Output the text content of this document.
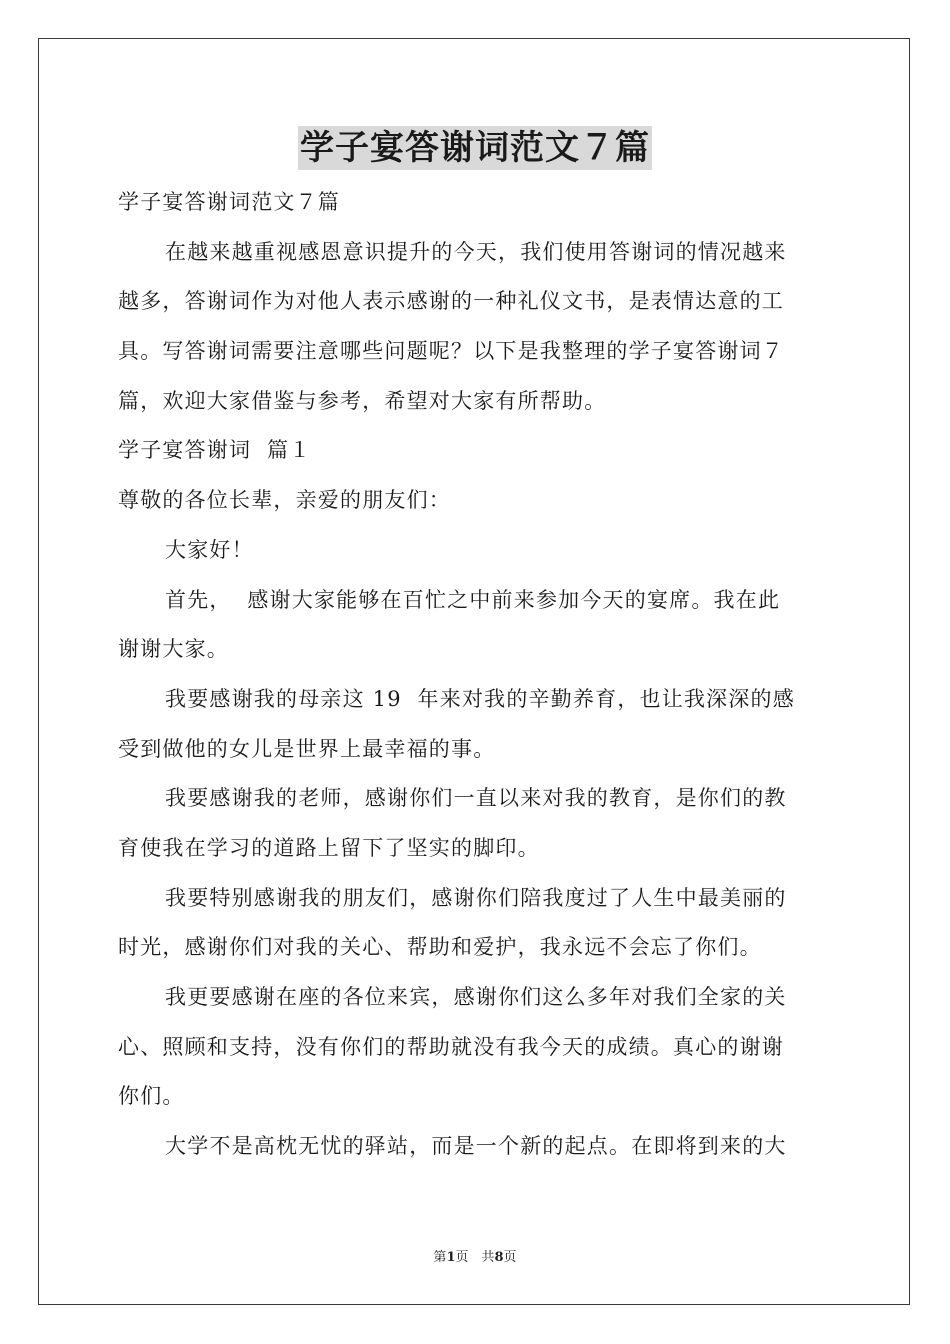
学子宴答谢词范文７篇
学子宴答谢词范文７篇
在越来越重视感恩意识提升的今天，我们使用答谢词的情况越来
越多，答谢词作为对他人表示感谢的一种礼仪文书，是表情达意的工
具。写答谢词需要注意哪些问题呢？以下是我整理的学子宴答谢词７
篇，欢迎大家借鉴与参考，希望对大家有所帮助。
学子宴答谢词  篇１
尊敬的各位长辈，亲爱的朋友们：
大家好！
首先，  感谢大家能够在百忙之中前来参加今天的宴席。我在此
谢谢大家。
我要感谢我的母亲这 19  年来对我的辛勤养育，也让我深深的感
受到做他的女儿是世界上最幸福的事。
我要感谢我的老师，感谢你们一直以来对我的教育，是你们的教
育使我在学习的道路上留下了坚实的脚印。
我要特别感谢我的朋友们，感谢你们陪我度过了人生中最美丽的
时光，感谢你们对我的关心、帮助和爱护，我永远不会忘了你们。
我更要感谢在座的各位来宾，感谢你们这么多年对我们全家的关
心、照顾和支持，没有你们的帮助就没有我今天的成绩。真心的谢谢
你们。
大学不是高枕无忧的驿站，而是一个新的起点。在即将到来的大
第1页　共8页
